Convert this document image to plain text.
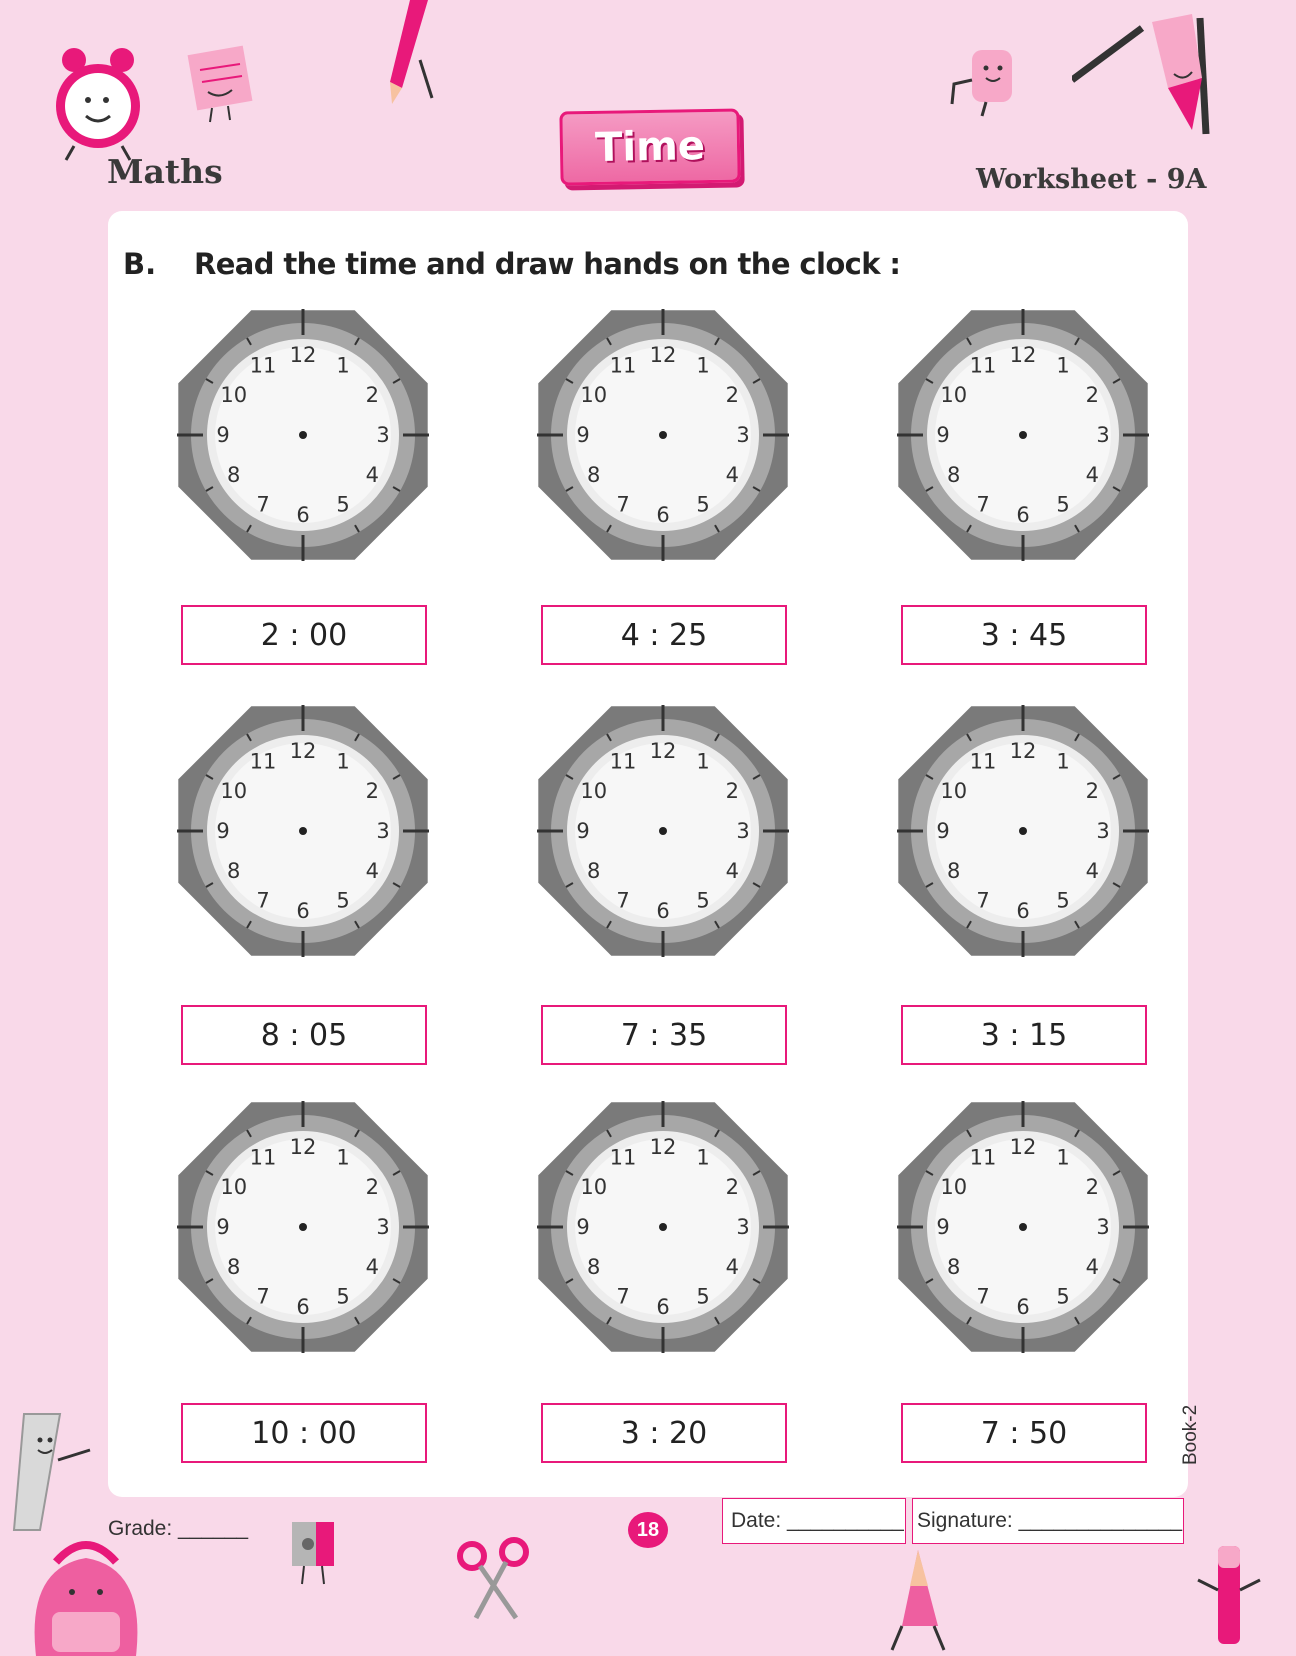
Maths
Time
Worksheet - 9A
B. Read the time and draw hands on the clock :
12 1
2
3
4
5
6
7
8
9
10
11	12 1
2
3
4
5
6
7
8
9
10
11	12 1
2
3
4
5
6
7
8
9
10
11
12 1
2
3
4
5
6
7
8
9
10
11	12 1
2
3
4
5
6
7
8
9
10
11	12 1
2
3
4
5
6
7
8
9
10
11
12 1
2
3
4
5
6
7
8
9
10
11	12 1
2
3
4
5
6
7
8
9
10
11	12 1
2
3
4
5
6
7
8
9
10
11
2 : 00	4 : 25	3 : 45
8 : 05	7 : 35	3 : 15
10 : 00	3 : 20	7 : 50
Grade: ______	18	Date: __________ Signature: ______________
Book-2
